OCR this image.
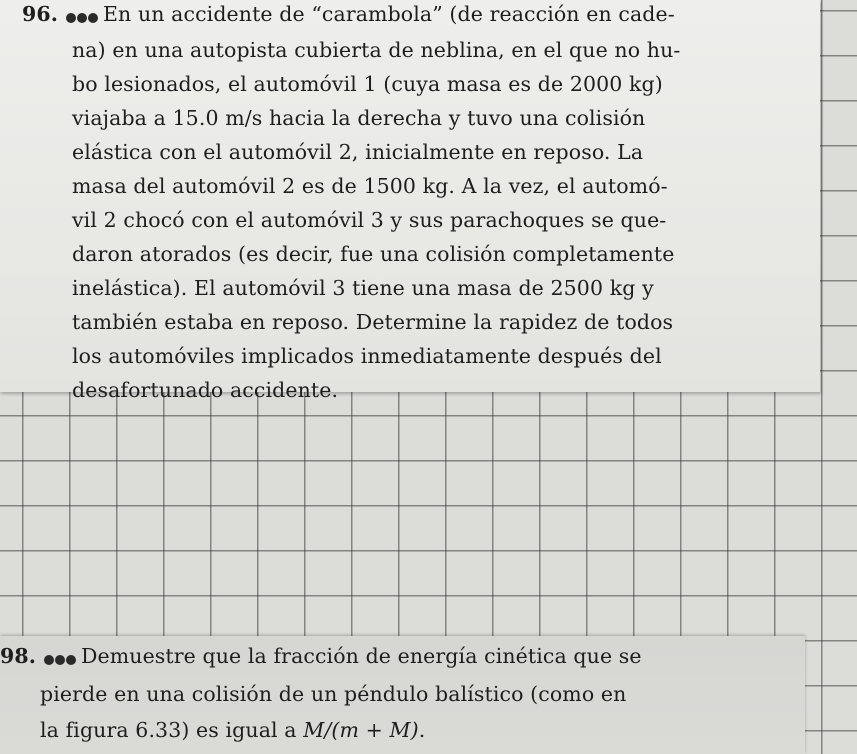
96. En un accidente de “carambola” (de reacción en cade-
na) en una autopista cubierta de neblina, en el que no hu-
bo lesionados, el automóvil 1 (cuya masa es de 2000 kg)
viajaba a 15.0 m/s hacia la derecha y tuvo una colisión
elástica con el automóvil 2, inicialmente en reposo. La
masa del automóvil 2 es de 1500 kg. A la vez, el automó-
vil 2 chocó con el automóvil 3 y sus parachoques se que-
daron atorados (es decir, fue una colisión completamente
inelástica). El automóvil 3 tiene una masa de 2500 kg y
también estaba en reposo. Determine la rapidez de todos
los automóviles implicados inmediatamente después del
desafortunado accidente.
98. Demuestre que la fracción de energía cinética que se
pierde en una colisión de un péndulo balístico (como en
la figura 6.33) es igual a M/(m + M).
